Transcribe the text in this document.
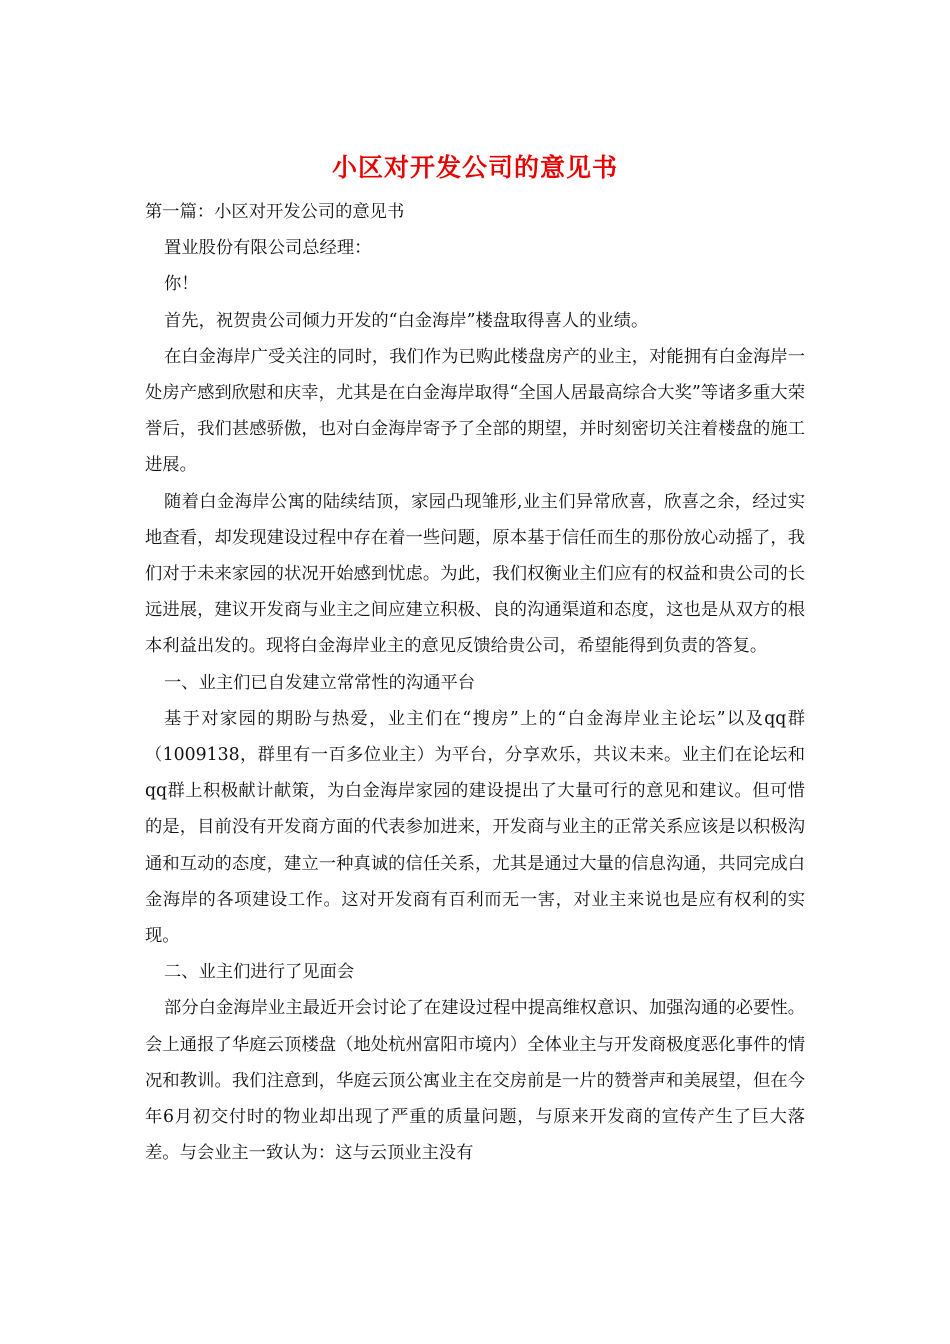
小区对开发公司的意见书

第一篇：小区对开发公司的意见书

置业股份有限公司总经理：

你！

首先，祝贺贵公司倾力开发的“白金海岸”楼盘取得喜人的业绩。

在白金海岸广受关注的同时，我们作为已购此楼盘房产的业主，对能拥有白金海岸一处房产感到欣慰和庆幸，尤其是在白金海岸取得“全国人居最高综合大奖”等诸多重大荣誉后，我们甚感骄傲，也对白金海岸寄予了全部的期望，并时刻密切关注着楼盘的施工进展。

随着白金海岸公寓的陆续结顶，家园凸现雏形,业主们异常欣喜，欣喜之余，经过实地查看，却发现建设过程中存在着一些问题，原本基于信任而生的那份放心动摇了，我们对于未来家园的状况开始感到忧虑。为此，我们权衡业主们应有的权益和贵公司的长远进展，建议开发商与业主之间应建立积极、良的沟通渠道和态度，这也是从双方的根本利益出发的。现将白金海岸业主的意见反馈给贵公司，希望能得到负责的答复。

一、业主们已自发建立常常性的沟通平台

基于对家园的期盼与热爱，业主们在“搜房”上的“白金海岸业主论坛”以及qq群（1009138，群里有一百多位业主）为平台，分享欢乐，共议未来。业主们在论坛和qq群上积极献计献策，为白金海岸家园的建设提出了大量可行的意见和建议。但可惜的是，目前没有开发商方面的代表参加进来，开发商与业主的正常关系应该是以积极沟通和互动的态度，建立一种真诚的信任关系，尤其是通过大量的信息沟通，共同完成白金海岸的各项建设工作。这对开发商有百利而无一害，对业主来说也是应有权利的实现。

二、业主们进行了见面会

部分白金海岸业主最近开会讨论了在建设过程中提高维权意识、加强沟通的必要性。会上通报了华庭云顶楼盘（地处杭州富阳市境内）全体业主与开发商极度恶化事件的情况和教训。我们注意到，华庭云顶公寓业主在交房前是一片的赞誉声和美展望，但在今年6月初交付时的物业却出现了严重的质量问题，与原来开发商的宣传产生了巨大落差。与会业主一致认为：这与云顶业主没有
